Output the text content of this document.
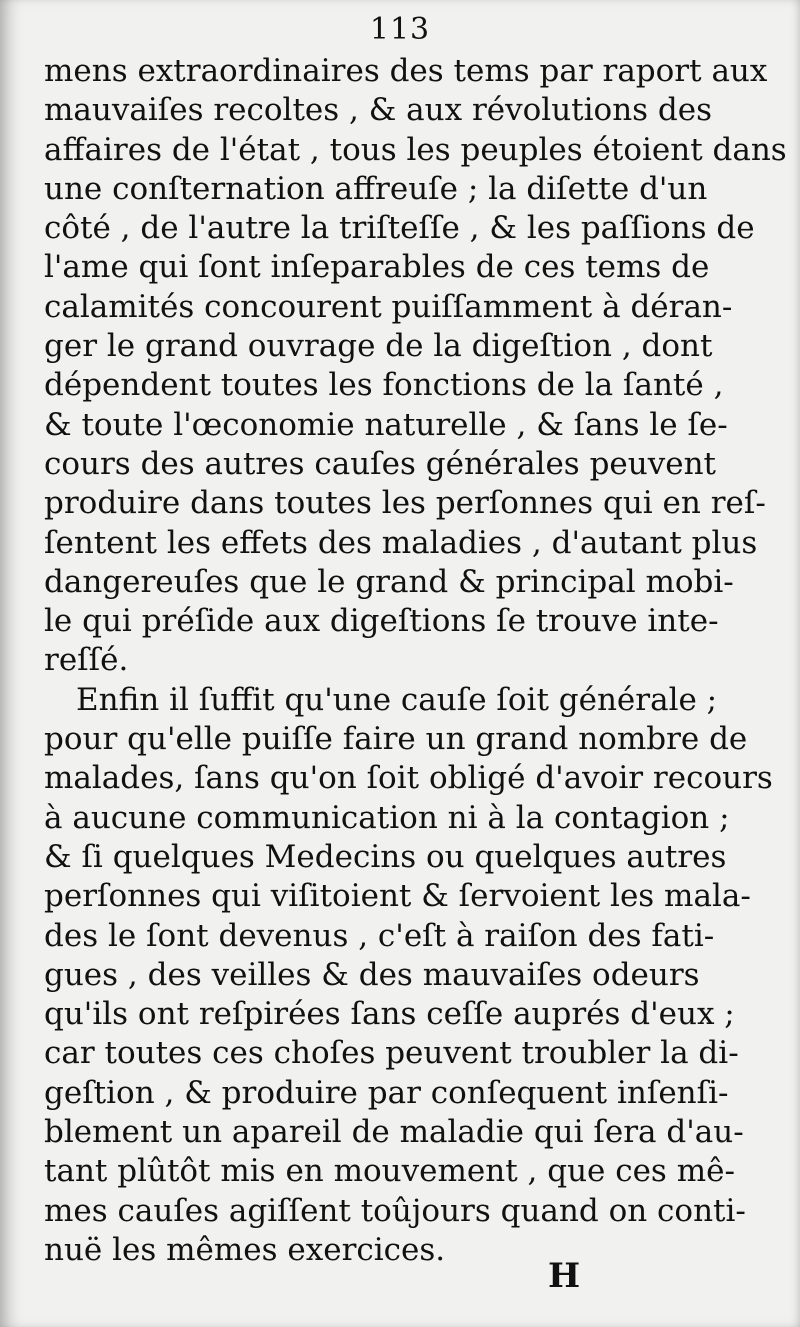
113
mens extraordinaires des tems par raport aux
mauvaiſes recoltes , & aux révolutions des
affaires de l'état , tous les peuples étoient dans
une conſternation affreuſe ; la diſette d'un
côté , de l'autre la triſteſſe , & les paſſions de
l'ame qui ſont inſeparables de ces tems de
calamités concourent puiſſamment à déran-
ger le grand ouvrage de la digeſtion , dont
dépendent toutes les fonctions de la ſanté ,
& toute l'œconomie naturelle , & ſans le ſe-
cours des autres cauſes générales peuvent
produire dans toutes les perſonnes qui en reſ-
ſentent les effets des maladies , d'autant plus
dangereuſes que le grand & principal mobi-
le qui préſide aux digeſtions ſe trouve inte-
reſſé.
Enfin il ſuffit qu'une cauſe ſoit générale ;
pour qu'elle puiſſe faire un grand nombre de
malades, ſans qu'on ſoit obligé d'avoir recours
à aucune communication ni à la contagion ;
& ſi quelques Medecins ou quelques autres
perſonnes qui viſitoient & ſervoient les mala-
des le ſont devenus , c'eſt à raiſon des fati-
gues , des veilles & des mauvaiſes odeurs
qu'ils ont reſpirées ſans ceſſe auprés d'eux ;
car toutes ces choſes peuvent troubler la di-
geſtion , & produire par conſequent inſenſi-
blement un apareil de maladie qui ſera d'au-
tant plûtôt mis en mouvement , que ces mê-
mes cauſes agiſſent toûjours quand on conti-
nuë les mêmes exercices.
H
